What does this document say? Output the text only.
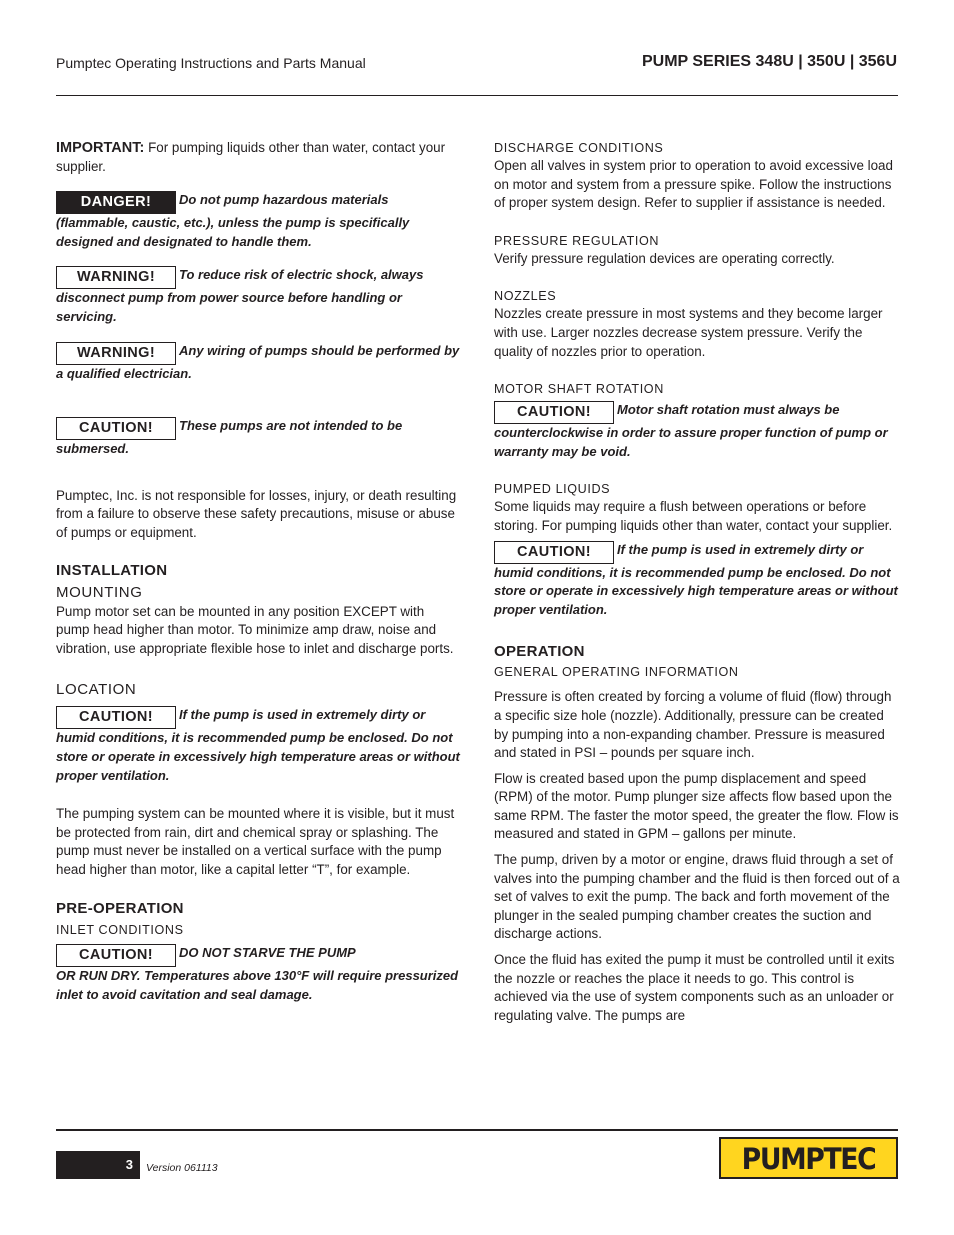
Pumptec Operating Instructions and Parts Manual	PUMP SERIES 348U | 350U | 356U

IMPORTANT: For pumping liquids other than water, contact your supplier.

DANGER! Do not pump hazardous materials (flammable, caustic, etc.), unless the pump is specifically designed and designated to handle them.

WARNING! To reduce risk of electric shock, always disconnect pump from power source before handling or servicing.

WARNING! Any wiring of pumps should be performed by a qualified electrician.

CAUTION! These pumps are not intended to be submersed.

Pumptec, Inc. is not responsible for losses, injury, or death resulting from a failure to observe these safety precautions, misuse or abuse of pumps or equipment.

INSTALLATION
MOUNTING

Pump motor set can be mounted in any position EXCEPT with pump head higher than motor. To minimize amp draw, noise and vibration, use appropriate flexible hose to inlet and discharge ports.

LOCATION

CAUTION! If the pump is used in extremely dirty or humid conditions, it is recommended pump be enclosed. Do not store or operate in excessively high temperature areas or without proper ventilation.

The pumping system can be mounted where it is visible, but it must be protected from rain, dirt and chemical spray or splashing. The pump must never be installed on a vertical surface with the pump head higher than motor, like a capital letter “T”, for example.

PRE-OPERATION
INLET CONDITIONS

CAUTION! DO NOT STARVE THE PUMP
OR RUN DRY. Temperatures above 130°F will require pressurized inlet to avoid cavitation and seal damage.

DISCHARGE CONDITIONS

Open all valves in system prior to operation to avoid excessive load on motor and system from a pressure spike. Follow the instructions of proper system design. Refer to supplier if assistance is needed.

PRESSURE REGULATION

Verify pressure regulation devices are operating correctly.

NOZZLES

Nozzles create pressure in most systems and they become larger with use. Larger nozzles decrease system pressure. Verify the quality of nozzles prior to operation.

MOTOR SHAFT ROTATION

CAUTION! Motor shaft rotation must always be counterclockwise in order to assure proper function of pump or warranty may be void.

PUMPED LIQUIDS

Some liquids may require a flush between operations or before storing. For pumping liquids other than water, contact your supplier.

CAUTION! If the pump is used in extremely dirty or humid conditions, it is recommended pump be enclosed. Do not store or operate in excessively high temperature areas or without proper ventilation.

OPERATION
GENERAL OPERATING INFORMATION

Pressure is often created by forcing a volume of fluid (flow) through a specific size hole (nozzle). Additionally, pressure can be created by pumping into a non-expanding chamber. Pressure is measured and stated in PSI – pounds per square inch.

Flow is created based upon the pump displacement and speed (RPM) of the motor. Pump plunger size affects flow based upon the same RPM. The faster the motor speed, the greater the flow. Flow is measured and stated in GPM – gallons per minute.

The pump, driven by a motor or engine, draws fluid through a set of valves into the pumping chamber and the fluid is then forced out of a set of valves to exit the pump. The back and forth movement of the plunger in the sealed pumping chamber creates the suction and discharge actions.

Once the fluid has exited the pump it must be controlled until it exits the nozzle or reaches the place it needs to go. This control is achieved via the use of system components such as an unloader or regulating valve. The pumps are

3 Version 061113	PUMPTEC
